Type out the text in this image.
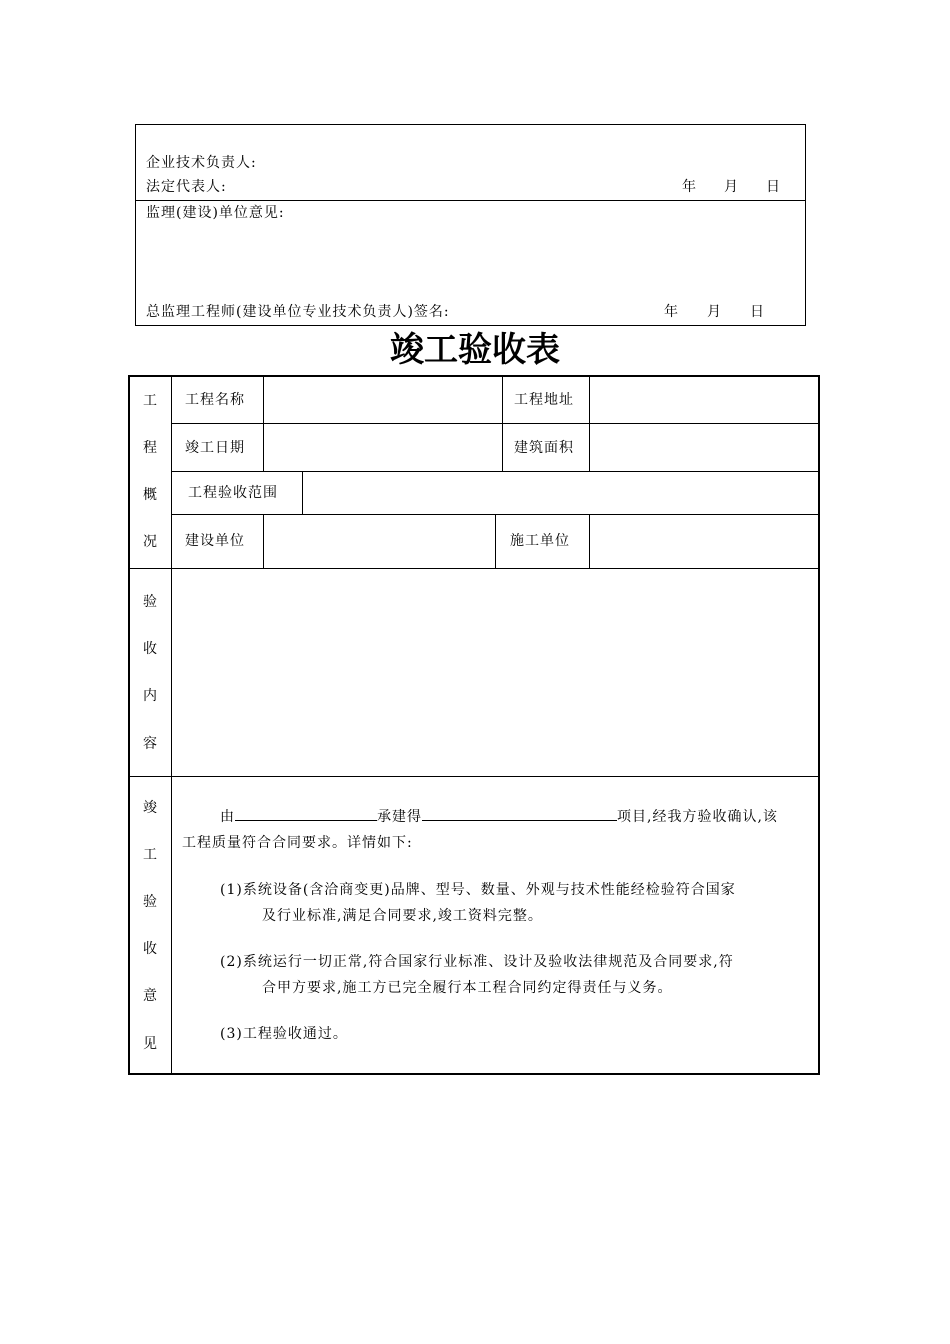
企业技术负责人:
法定代表人:	年 月 日
监理(建设)单位意见:
总监理工程师(建设单位专业技术负责人)签名:	年 月 日
竣工验收表
工
程
概
况
工程名称	工程地址
竣工日期	建筑面积
工程验收范围
建设单位	施工单位
验
收
内
容
竣
工
验
收
意
见
由	承建得	项目,经我方验收确认,该
工程质量符合合同要求。详情如下:
(1)系统设备(含洽商变更)品牌、型号、数量、外观与技术性能经检验符合国家
及行业标准,满足合同要求,竣工资料完整。
(2)系统运行一切正常,符合国家行业标准、设计及验收法律规范及合同要求,符
合甲方要求,施工方已完全履行本工程合同约定得责任与义务。
(3)工程验收通过。
